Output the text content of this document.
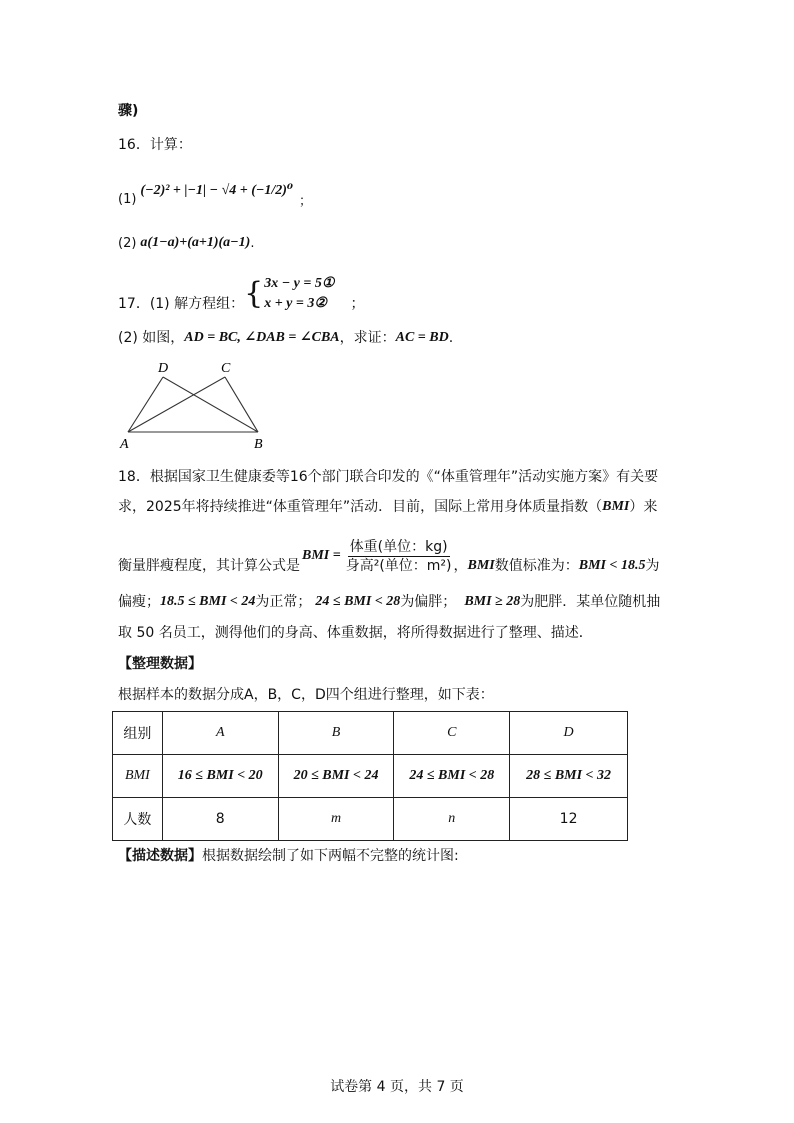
骤)
16．计算：
(1)
(−2)² + |−1| − √4 + (−1/2)⁰
；
(2) a(1−a)+(a+1)(a−1) .
17．(1) 解方程组： { 3x − y = 5①
x + y = 3②	；
(2) 如图， AD = BC, ∠DAB = ∠CBA ，求证： AC = BD .
D	C
A	B
18．根据国家卫生健康委等16个部门联合印发的《“体重管理年”活动实施方案》有关要
求，2025年将持续推进“体重管理年”活动．目前，国际上常用身体质量指数（ BMI ）来
衡量胖瘦程度，其计算公式是
BMI = $\frac{\text{体重(单位：kg)}}{\text{身高²(单位：m²)}}$ ， BMI 数值标准为： BMI < 18.5 为
偏瘦； 18.5 ≤ BMI < 24 为正常； 24 ≤ BMI < 28 为偏胖； BMI ≥ 28 为肥胖．某单位随机抽
取 50 名员工，测得他们的身高、体重数据，将所得数据进行了整理、描述．
【整理数据】
根据样本的数据分成A，B，C，D四个组进行整理，如下表：
组别	A	B	C	D
BMI	16 ≤ BMI < 20	20 ≤ BMI < 24	24 ≤ BMI < 28	28 ≤ BMI < 32
人数	8	m	n	12
【描述数据】根据数据绘制了如下两幅不完整的统计图:
试卷第 4 页，共 7 页
